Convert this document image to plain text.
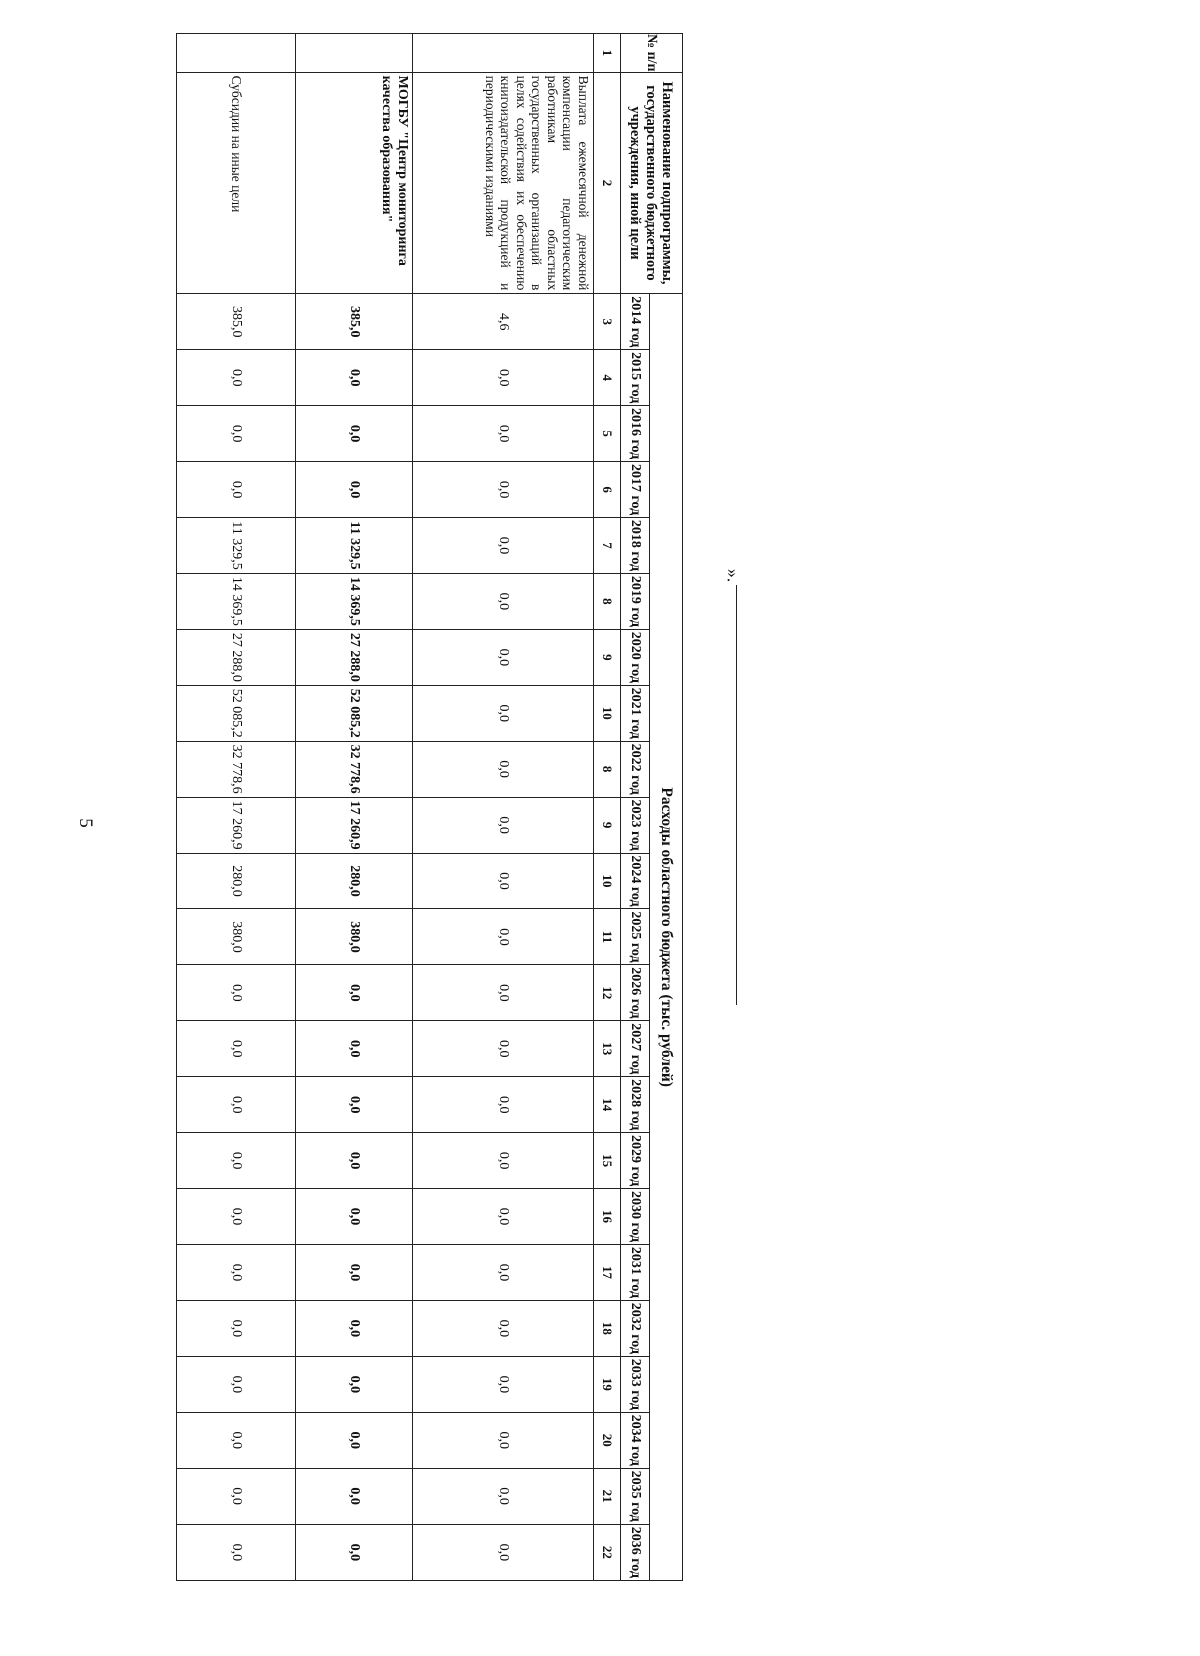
5
№ п/п	Наименование подпрограммы, государственного бюджетного учреждения, иной цели	Расходы областного бюджета (тыс. рублей)																						
		2014 год	2015 год	2016 год	2017 год	2018 год	2019 год	2020 год	2021 год	2022 год	2023 год	2024 год	2025 год	2026 год	2027 год	2028 год	2029 год	2030 год	2031 год	2032 год	2033 год	2034 год	2035 год	2036 год
1	2	3	4	5	6	7	8	9	10	8	9	10	11	12	13	14	15	16	17	18	19	20	21	22
	Выплата ежемесячной денежной компенсации педагогическим работникам областных государственных организаций в целях содействия их обеспечению книгоиздательской продукцией и периодическими изданиями	4,6	0,0	0,0	0,0	0,0	0,0	0,0	0,0	0,0	0,0	0,0	0,0	0,0	0,0	0,0	0,0	0,0	0,0	0,0	0,0	0,0	0,0	0,0
	МОГБУ "Центр мониторинга качества образования"	385,0	0,0	0,0	0,0	11 329,5	14 369,5	27 288,0	52 085,2	32 778,6	17 260,9	280,0	380,0	0,0	0,0	0,0	0,0	0,0	0,0	0,0	0,0	0,0	0,0	0,0
	Субсидии на иные цели	385,0	0,0	0,0	0,0	11 329,5	14 369,5	27 288,0	52 085,2	32 778,6	17 260,9	280,0	380,0	0,0	0,0	0,0	0,0	0,0	0,0	0,0	0,0	0,0	0,0	0,0
».
